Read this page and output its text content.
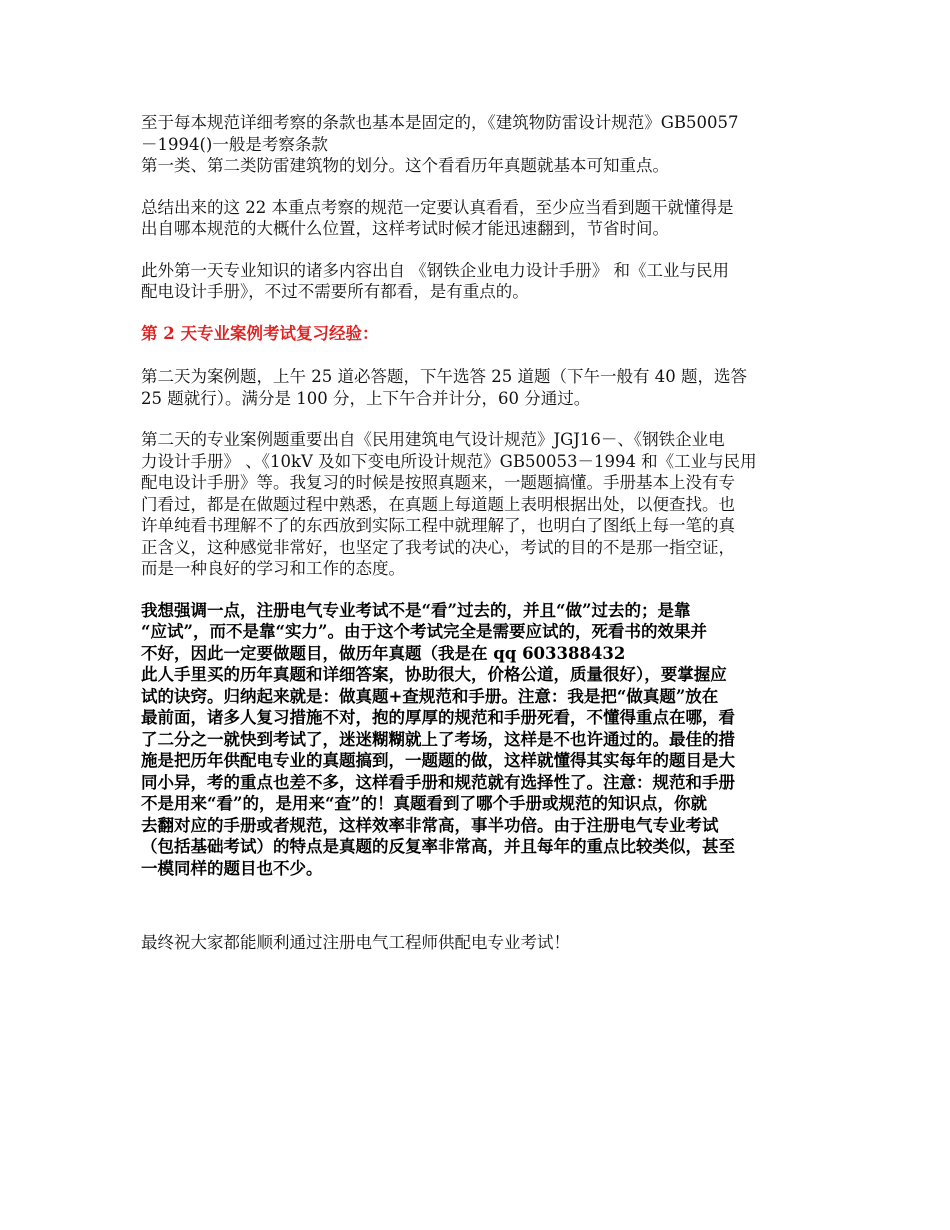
至于每本规范详细考察的条款也基本是固定的，《建筑物防雷设计规范》GB50057
－1994()一般是考察条款
第一类、第二类防雷建筑物的划分。这个看看历年真题就基本可知重点。

总结出来的这 22 本重点考察的规范一定要认真看看，至少应当看到题干就懂得是
出自哪本规范的大概什么位置，这样考试时候才能迅速翻到，节省时间。

此外第一天专业知识的诸多内容出自 《钢铁企业电力设计手册》 和《工业与民用
配电设计手册》，不过不需要所有都看，是有重点的。

第 2 天专业案例考试复习经验：

第二天为案例题，上午 25 道必答题，下午选答 25 道题（下午一般有 40 题，选答
25 题就行）。满分是 100 分，上下午合并计分，60 分通过。

第二天的专业案例题重要出自《民用建筑电气设计规范》JGJ16－、《钢铁企业电
力设计手册》 、《10kV 及如下变电所设计规范》GB50053－1994 和《工业与民用
配电设计手册》等。我复习的时候是按照真题来，一题题搞懂。手册基本上没有专
门看过，都是在做题过程中熟悉，在真题上每道题上表明根据出处，以便查找。也
许单纯看书理解不了的东西放到实际工程中就理解了，也明白了图纸上每一笔的真
正含义，这种感觉非常好，也坚定了我考试的决心，考试的目的不是那一指空证，
而是一种良好的学习和工作的态度。

我想强调一点，注册电气专业考试不是“看”过去的，并且“做”过去的；是靠
“应试”，而不是靠“实力”。由于这个考试完全是需要应试的，死看书的效果并
不好，因此一定要做题目，做历年真题（我是在 qq 603388432
此人手里买的历年真题和详细答案，协助很大，价格公道，质量很好），要掌握应
试的诀窍。归纳起来就是：做真题+查规范和手册。注意：我是把“做真题”放在
最前面，诸多人复习措施不对，抱的厚厚的规范和手册死看，不懂得重点在哪，看
了二分之一就快到考试了，迷迷糊糊就上了考场，这样是不也许通过的。最佳的措
施是把历年供配电专业的真题搞到，一题题的做，这样就懂得其实每年的题目是大
同小异，考的重点也差不多，这样看手册和规范就有选择性了。注意：规范和手册
不是用来“看”的，是用来“查”的！真题看到了哪个手册或规范的知识点，你就
去翻对应的手册或者规范，这样效率非常高，事半功倍。由于注册电气专业考试
（包括基础考试）的特点是真题的反复率非常高，并且每年的重点比较类似，甚至
一模同样的题目也不少。

最终祝大家都能顺利通过注册电气工程师供配电专业考试！
